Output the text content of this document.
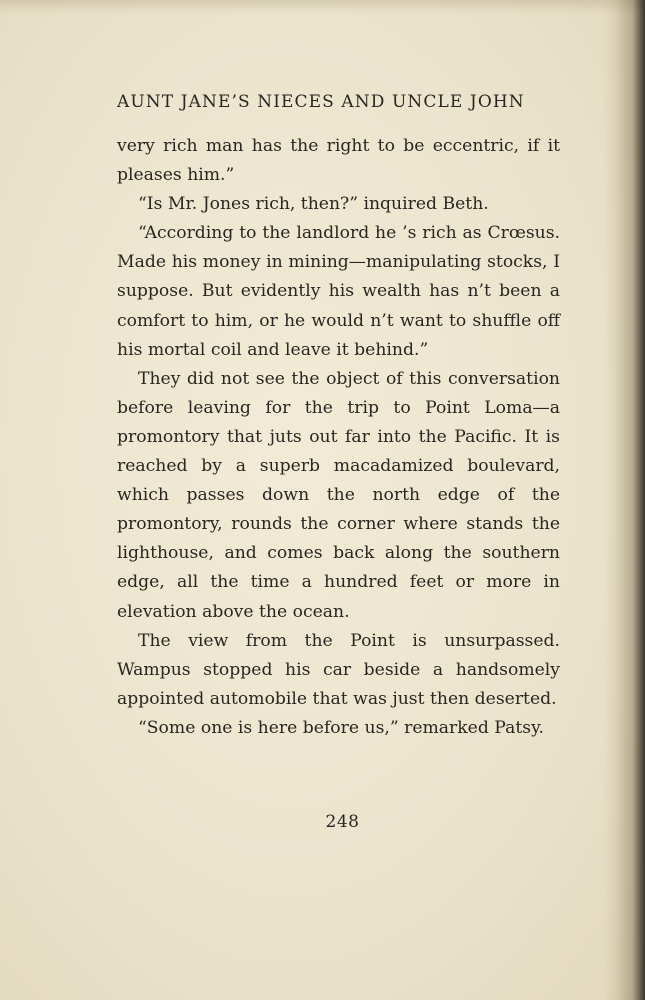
AUNT JANE’S NIECES AND UNCLE JOHN

very rich man has the right to be eccentric, if it pleases him.”

“Is Mr. Jones rich, then?” inquired Beth.

“According to the landlord he ’s rich as Crœsus. Made his money in mining—manipulating stocks, I suppose. But evidently his wealth has n’t been a comfort to him, or he would n’t want to shuffle off his mortal coil and leave it behind.”

They did not see the object of this conversation before leaving for the trip to Point Loma—a promontory that juts out far into the Pacific. It is reached by a superb macadamized boulevard, which passes down the north edge of the promontory, rounds the corner where stands the lighthouse, and comes back along the southern edge, all the time a hundred feet or more in elevation above the ocean.

The view from the Point is unsurpassed. Wampus stopped his car beside a handsomely appointed automobile that was just then deserted.

“Some one is here before us,” remarked Patsy.

248
